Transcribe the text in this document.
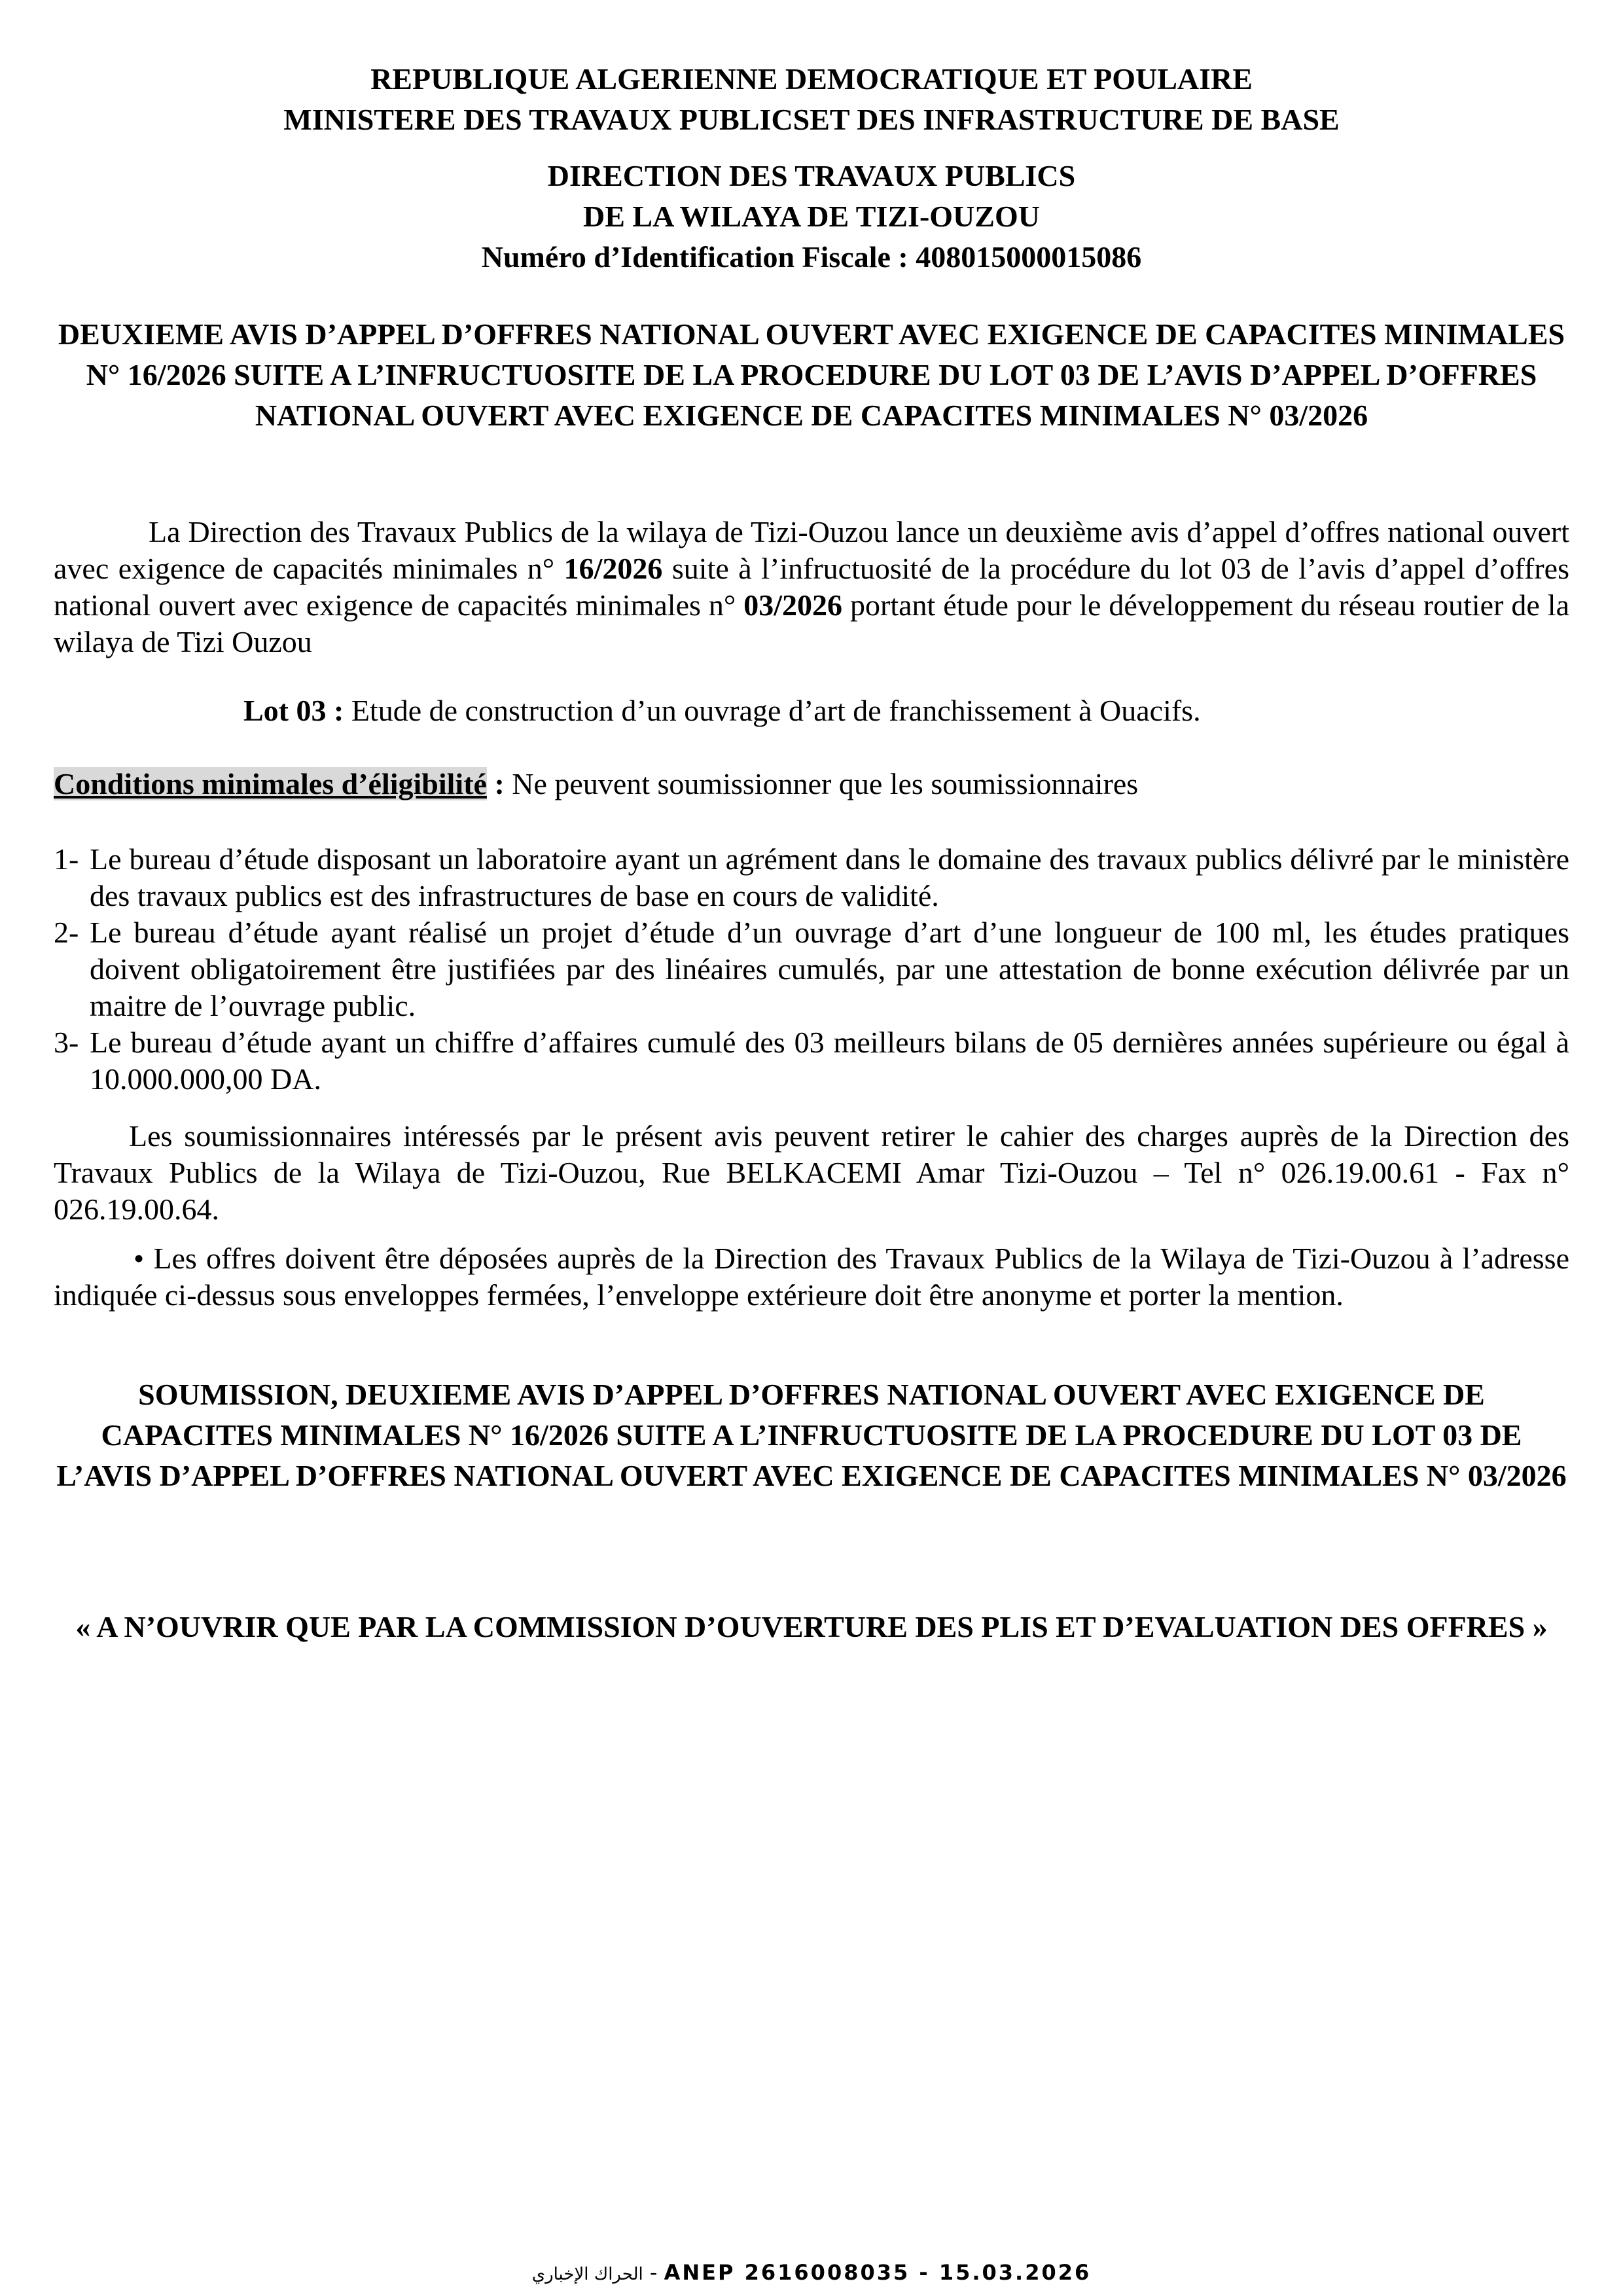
REPUBLIQUE ALGERIENNE DEMOCRATIQUE ET POULAIRE

MINISTERE DES TRAVAUX PUBLICSET DES INFRASTRUCTURE DE BASE

DIRECTION DES TRAVAUX PUBLICS

DE LA WILAYA DE TIZI-OUZOU

Numéro d’Identification Fiscale : 408015000015086

DEUXIEME AVIS D’APPEL D’OFFRES NATIONAL OUVERT AVEC EXIGENCE DE CAPACITES MINIMALES N° 16/2026 SUITE A L’INFRUCTUOSITE DE LA PROCEDURE DU LOT 03 DE L’AVIS D’APPEL D’OFFRES NATIONAL OUVERT AVEC EXIGENCE DE CAPACITES MINIMALES N° 03/2026

La Direction des Travaux Publics de la wilaya de Tizi-Ouzou lance un deuxième avis d’appel d’offres national ouvert avec exigence de capacités minimales n° 16/2026 suite à l’infructuosité de la procédure du lot 03 de l’avis d’appel d’offres national ouvert avec exigence de capacités minimales n° 03/2026 portant étude pour le développement du réseau routier de la wilaya de Tizi Ouzou

Lot 03 : Etude de construction d’un ouvrage d’art de franchissement à Ouacifs.

Conditions minimales d’éligibilité : Ne peuvent soumissionner que les soumissionnaires

1- Le bureau d’étude disposant un laboratoire ayant un agrément dans le domaine des travaux publics délivré par le ministère des travaux publics est des infrastructures de base en cours de validité.
2- Le bureau d’étude ayant réalisé un projet d’étude d’un ouvrage d’art d’une longueur de 100 ml, les études pratiques doivent obligatoirement être justifiées par des linéaires cumulés, par une attestation de bonne exécution délivrée par un maitre de l’ouvrage public.
3- Le bureau d’étude ayant un chiffre d’affaires cumulé des 03 meilleurs bilans de 05 dernières années supérieure ou égal à 10.000.000,00 DA.

Les soumissionnaires intéressés par le présent avis peuvent retirer le cahier des charges auprès de la Direction des Travaux Publics de la Wilaya de Tizi-Ouzou, Rue BELKACEMI Amar Tizi-Ouzou – Tel n° 026.19.00.61 - Fax n° 026.19.00.64.

• Les offres doivent être déposées auprès de la Direction des Travaux Publics de la Wilaya de Tizi-Ouzou à l’adresse indiquée ci-dessus sous enveloppes fermées, l’enveloppe extérieure doit être anonyme et porter la mention.

SOUMISSION, DEUXIEME AVIS D’APPEL D’OFFRES NATIONAL OUVERT AVEC EXIGENCE DE CAPACITES MINIMALES N° 16/2026 SUITE A L’INFRUCTUOSITE DE LA PROCEDURE DU LOT 03 DE L’AVIS D’APPEL D’OFFRES NATIONAL OUVERT AVEC EXIGENCE DE CAPACITES MINIMALES N° 03/2026

« A N’OUVRIR QUE PAR LA COMMISSION D’OUVERTURE DES PLIS ET D’EVALUATION DES OFFRES »

الحراك الإخباري - ANEP 2616008035 - 15.03.2026
